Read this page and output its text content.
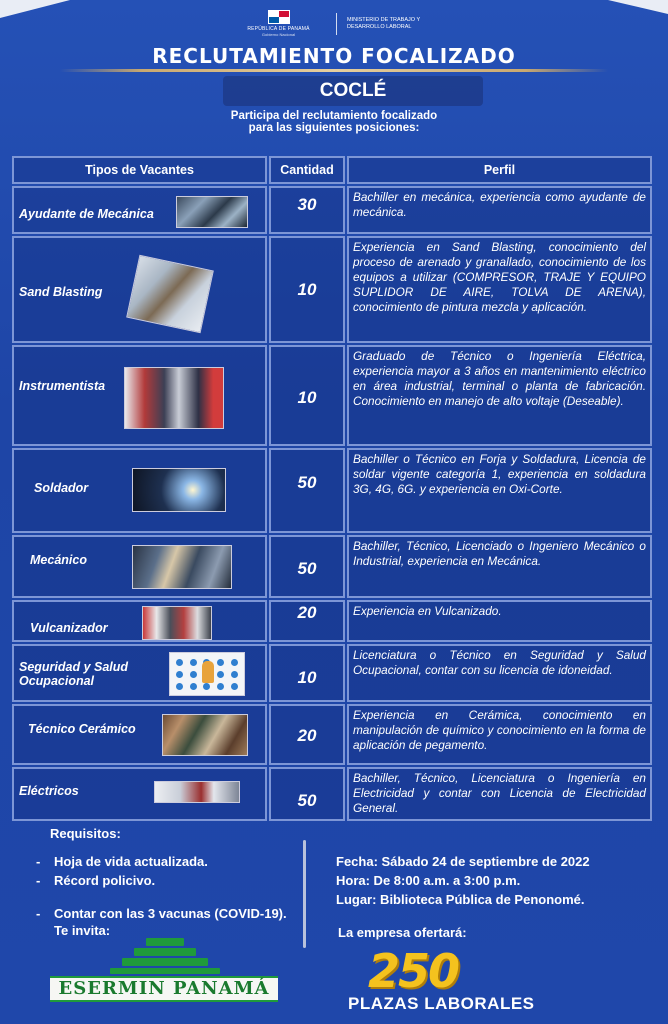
REPÚBLICA DE PANAMÁ
Gobierno Nacional
MINISTERIO DE TRABAJO Y DESARROLLO LABORAL
RECLUTAMIENTO FOCALIZADO
COCLÉ
Participa del reclutamiento focalizado
para las siguientes posiciones:
Tipos de Vacantes	Cantidad	Perfil

Ayudante de Mecánica	30	Bachiller en mecánica, experiencia como ayudante de mecánica.

Sand Blasting	10	Experiencia en Sand Blasting, conocimiento del proceso de arenado y granallado, conocimiento de los equipos a utilizar (COMPRESOR, TRAJE Y EQUIPO SUPLIDOR DE AIRE, TOLVA DE ARENA), conocimiento de pintura mezcla y aplicación.

Instrumentista	10	Graduado de Técnico o Ingeniería Eléctrica, experiencia mayor a 3 años en mantenimiento eléctrico en área industrial, terminal o planta de fabricación. Conocimiento en manejo de alto voltaje (Deseable).

Soldador	50	Bachiller o Técnico en Forja y Soldadura, Licencia de soldar vigente categoría 1, experiencia en soldadura 3G, 4G, 6G. y experiencia en Oxi-Corte.

Mecánico	50	Bachiller, Técnico, Licenciado o Ingeniero Mecánico o Industrial, experiencia en Mecánica.

Vulcanizador	20	Experiencia en Vulcanizado.

Seguridad y Salud Ocupacional	10	Licenciatura o Técnico en Seguridad y Salud Ocupacional, contar con su licencia de idoneidad.

Técnico Cerámico	20	Experiencia en Cerámica, conocimiento en manipulación de químico y conocimiento en la forma de aplicación de pegamento.

Eléctricos	50	Bachiller, Técnico, Licenciatura o Ingeniería en Electricidad y contar con Licencia de Electricidad General.
Requisitos:
- Hoja de vida actualizada.
- Récord policivo.
- Contar con las 3 vacunas (COVID-19).
Te invita:
ESERMIN PANAMÁ
Fecha: Sábado 24 de septiembre de 2022
Hora: De 8:00 a.m. a 3:00 p.m.
Lugar: Biblioteca Pública de Penonomé.
La empresa ofertará:
250
PLAZAS LABORALES
